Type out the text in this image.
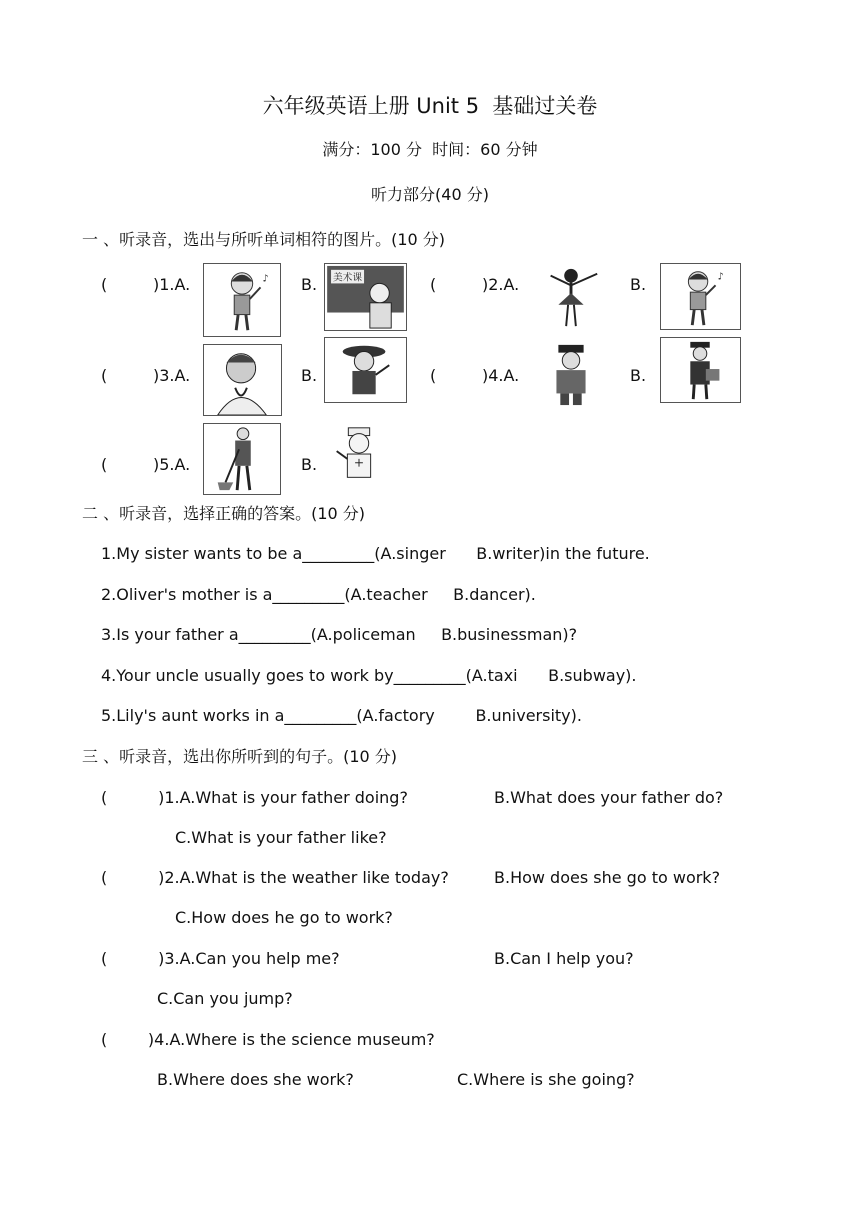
六年级英语上册 Unit 5  基础过关卷
满分：100 分  时间：60 分钟
听力部分(40 分)
一 、听录音，选出与所听单词相符的图片。(10 分)
(	)1.A.	♪ B. 美术课	(	)2.A.	B.	♪
(	)3.A.	B.	(	)4.A.	B.
(	)5.A.	B.
二 、听录音，选择正确的答案。(10 分)
1.My sister wants to be a_________(A.singer      B.writer)in the future.
2.Oliver's mother is a_________(A.teacher     B.dancer).
3.Is your father a_________(A.policeman     B.businessman)?
4.Your uncle usually goes to work by_________(A.taxi      B.subway).
5.Lily's aunt works in a_________(A.factory        B.university).
三 、听录音，选出你所听到的句子。(10 分)
(          )1.A.What is your father doing?	B.What does your father do?
C.What is your father like?
(          )2.A.What is the weather like today?	B.How does she go to work?
C.How does he go to work?
(          )3.A.Can you help me?	B.Can I help you?
C.Can you jump?
(        )4.A.Where is the science museum?
B.Where does she work?	C.Where is she going?
